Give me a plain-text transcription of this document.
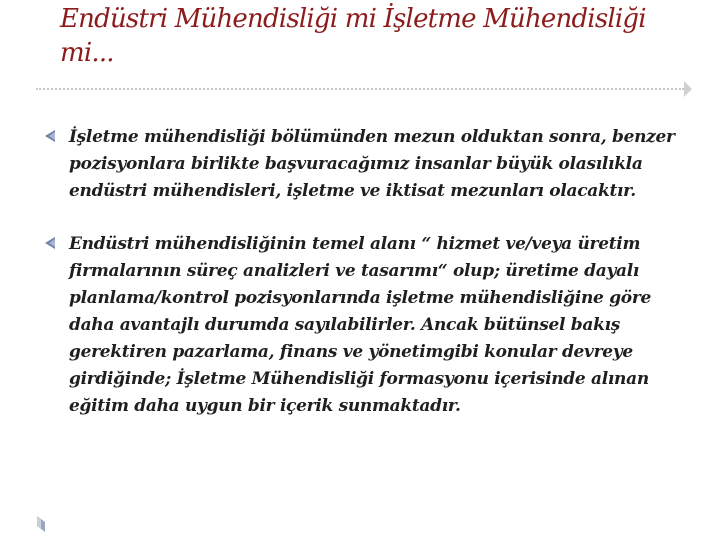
Endüstri Mühendisliği mi İşletme Mühendisliği mi...
İşletme mühendisliği bölümünden mezun olduktan sonra, benzer pozisyonlara birlikte başvuracağımız insanlar büyük olasılıkla endüstri mühendisleri, işletme ve iktisat mezunları olacaktır.
Endüstri mühendisliğinin temel alanı “ hizmet ve/veya üretim firmalarının süreç analizleri ve tasarımı“ olup; üretime dayalı planlama/kontrol pozisyonlarında işletme mühendisliğine göre daha avantajlı durumda sayılabilirler. Ancak bütünsel bakış gerektiren pazarlama, finans ve yönetimgibi konular devreye girdiğinde; İşletme Mühendisliği formasyonu içerisinde alınan eğitim daha uygun bir içerik sunmaktadır.
